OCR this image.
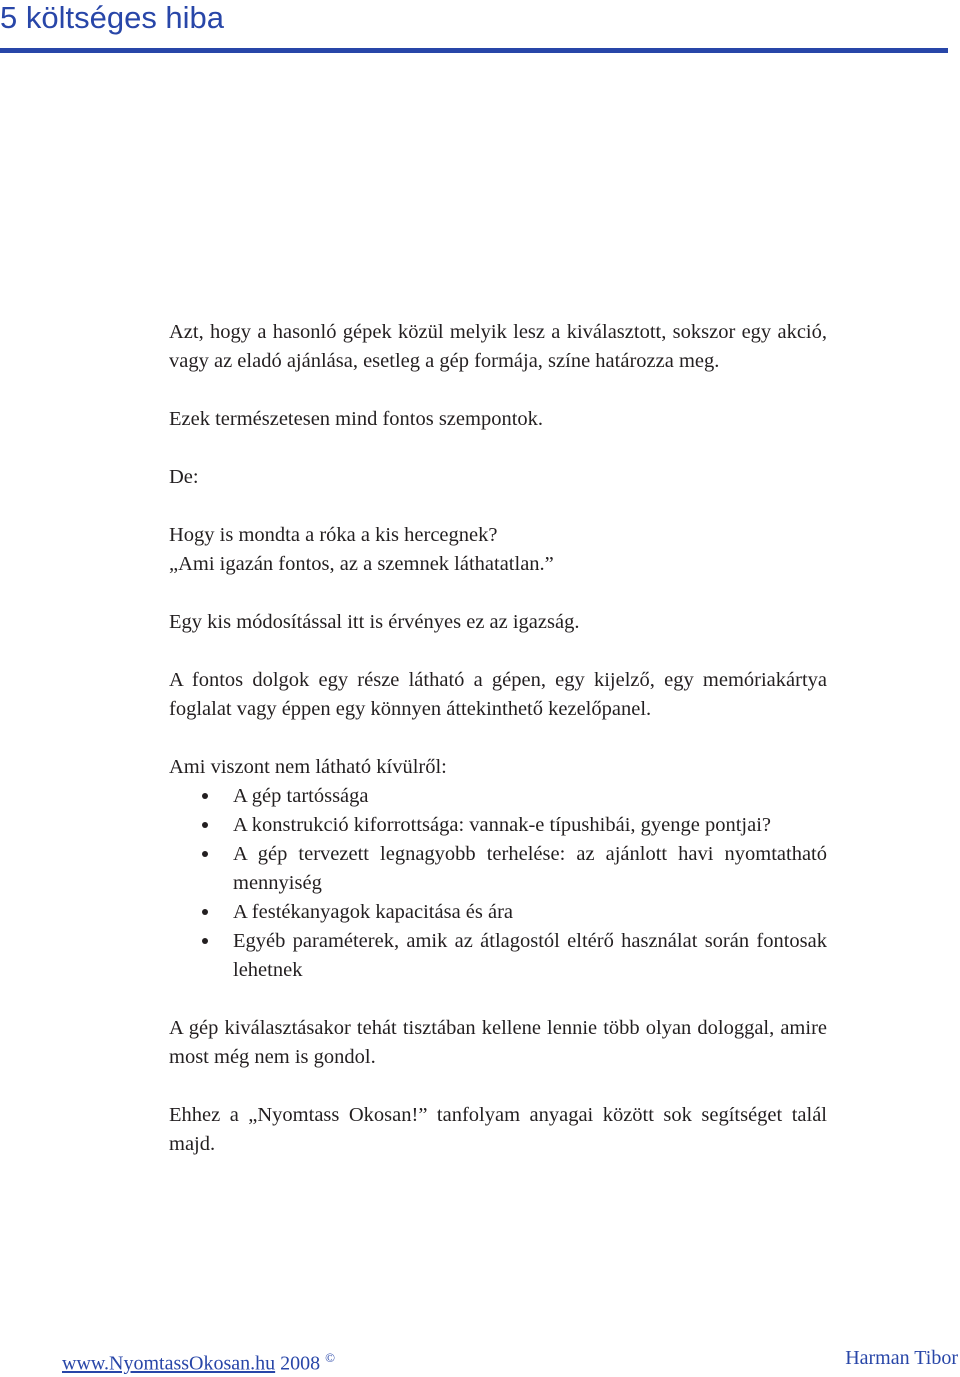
5 költséges hiba

Azt, hogy a hasonló gépek közül melyik lesz a kiválasztott, sokszor egy akció, vagy az eladó ajánlása, esetleg a gép formája, színe határozza meg.

Ezek természetesen mind fontos szempontok.

De:

Hogy is mondta a róka a kis hercegnek?

„Ami igazán fontos, az a szemnek láthatatlan.”

Egy kis módosítással itt is érvényes ez az igazság.

A fontos dolgok egy része látható a gépen, egy kijelző, egy memóriakártya foglalat vagy éppen egy könnyen áttekinthető kezelőpanel.

Ami viszont nem látható kívülről:

A gép tartóssága
A konstrukció kiforrottsága: vannak-e típushibái, gyenge pontjai?
A gép tervezett legnagyobb terhelése: az ajánlott havi nyomtatható mennyiség
A festékanyagok kapacitása és ára
Egyéb paraméterek, amik az átlagostól eltérő használat során fontosak lehetnek

A gép kiválasztásakor tehát tisztában kellene lennie több olyan dologgal, amire most még nem is gondol.

Ehhez a „Nyomtass Okosan!” tanfolyam anyagai között sok segítséget talál majd.

www.NyomtassOkosan.hu 2008 ©	Harman Tibor
